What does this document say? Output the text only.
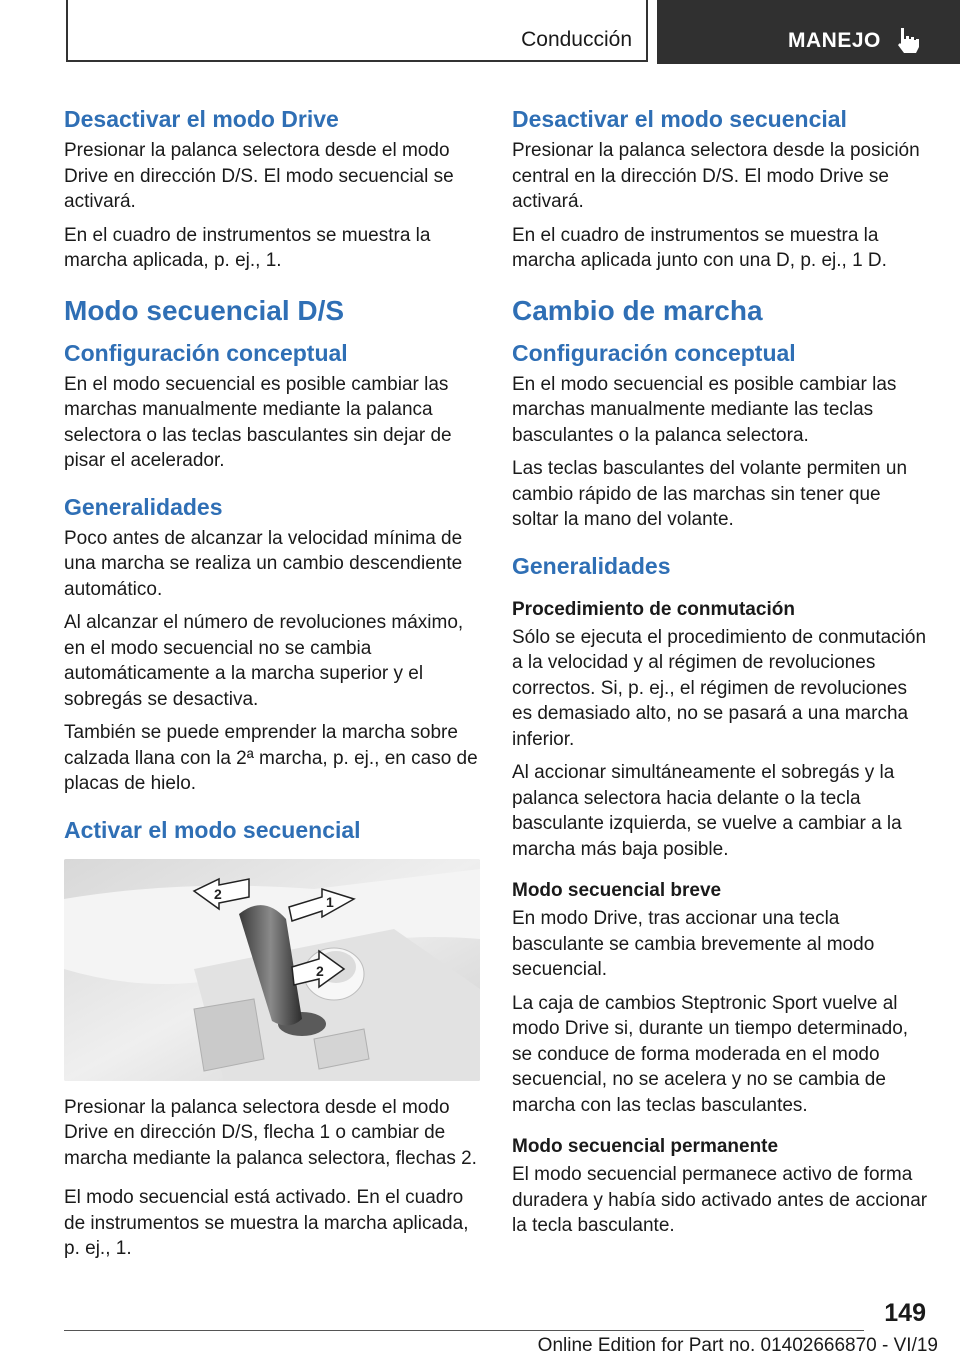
Conducción	MANEJO
Desactivar el modo Drive

Presionar la palanca selectora desde el modo Drive en dirección D/S. El modo secuencial se activará.

En el cuadro de instrumentos se muestra la marcha aplicada, p. ej., 1.

Modo secuencial D/S
Configuración conceptual

En el modo secuencial es posible cambiar las marchas manualmente mediante la palanca selectora o las teclas basculantes sin dejar de pisar el acelerador.

Generalidades

Poco antes de alcanzar la velocidad mínima de una marcha se realiza un cambio descendiente automático.

Al alcanzar el número de revoluciones máximo, en el modo secuencial no se cambia automáticamente a la marcha superior y el sobregás se desactiva.

También se puede emprender la marcha sobre calzada llana con la 2ª marcha, p. ej., en caso de placas de hielo.

Activar el modo secuencial
2	1
2

Presionar la palanca selectora desde el modo Drive en dirección D/S, flecha 1 o cambiar de marcha mediante la palanca selectora, flechas 2.

El modo secuencial está activado. En el cuadro de instrumentos se muestra la marcha aplicada, p. ej., 1.

Desactivar el modo secuencial

Presionar la palanca selectora desde la posición central en la dirección D/S. El modo Drive se activará.

En el cuadro de instrumentos se muestra la marcha aplicada junto con una D, p. ej., 1 D.

Cambio de marcha
Configuración conceptual

En el modo secuencial es posible cambiar las marchas manualmente mediante las teclas basculantes o la palanca selectora.

Las teclas basculantes del volante permiten un cambio rápido de las marchas sin tener que soltar la mano del volante.

Generalidades
Procedimiento de conmutación

Sólo se ejecuta el procedimiento de conmutación a la velocidad y al régimen de revoluciones correctos. Si, p. ej., el régimen de revoluciones es demasiado alto, no se pasará a una marcha inferior.

Al accionar simultáneamente el sobregás y la palanca selectora hacia delante o la tecla basculante izquierda, se vuelve a cambiar a la marcha más baja posible.

Modo secuencial breve

En modo Drive, tras accionar una tecla basculante se cambia brevemente al modo secuencial.

La caja de cambios Steptronic Sport vuelve al modo Drive si, durante un tiempo determinado, se conduce de forma moderada en el modo secuencial, no se acelera y no se cambia de marcha con las teclas basculantes.

Modo secuencial permanente

El modo secuencial permanece activo de forma duradera y había sido activado antes de accionar la tecla basculante.

149
Online Edition for Part no. 01402666870 - VI/19
